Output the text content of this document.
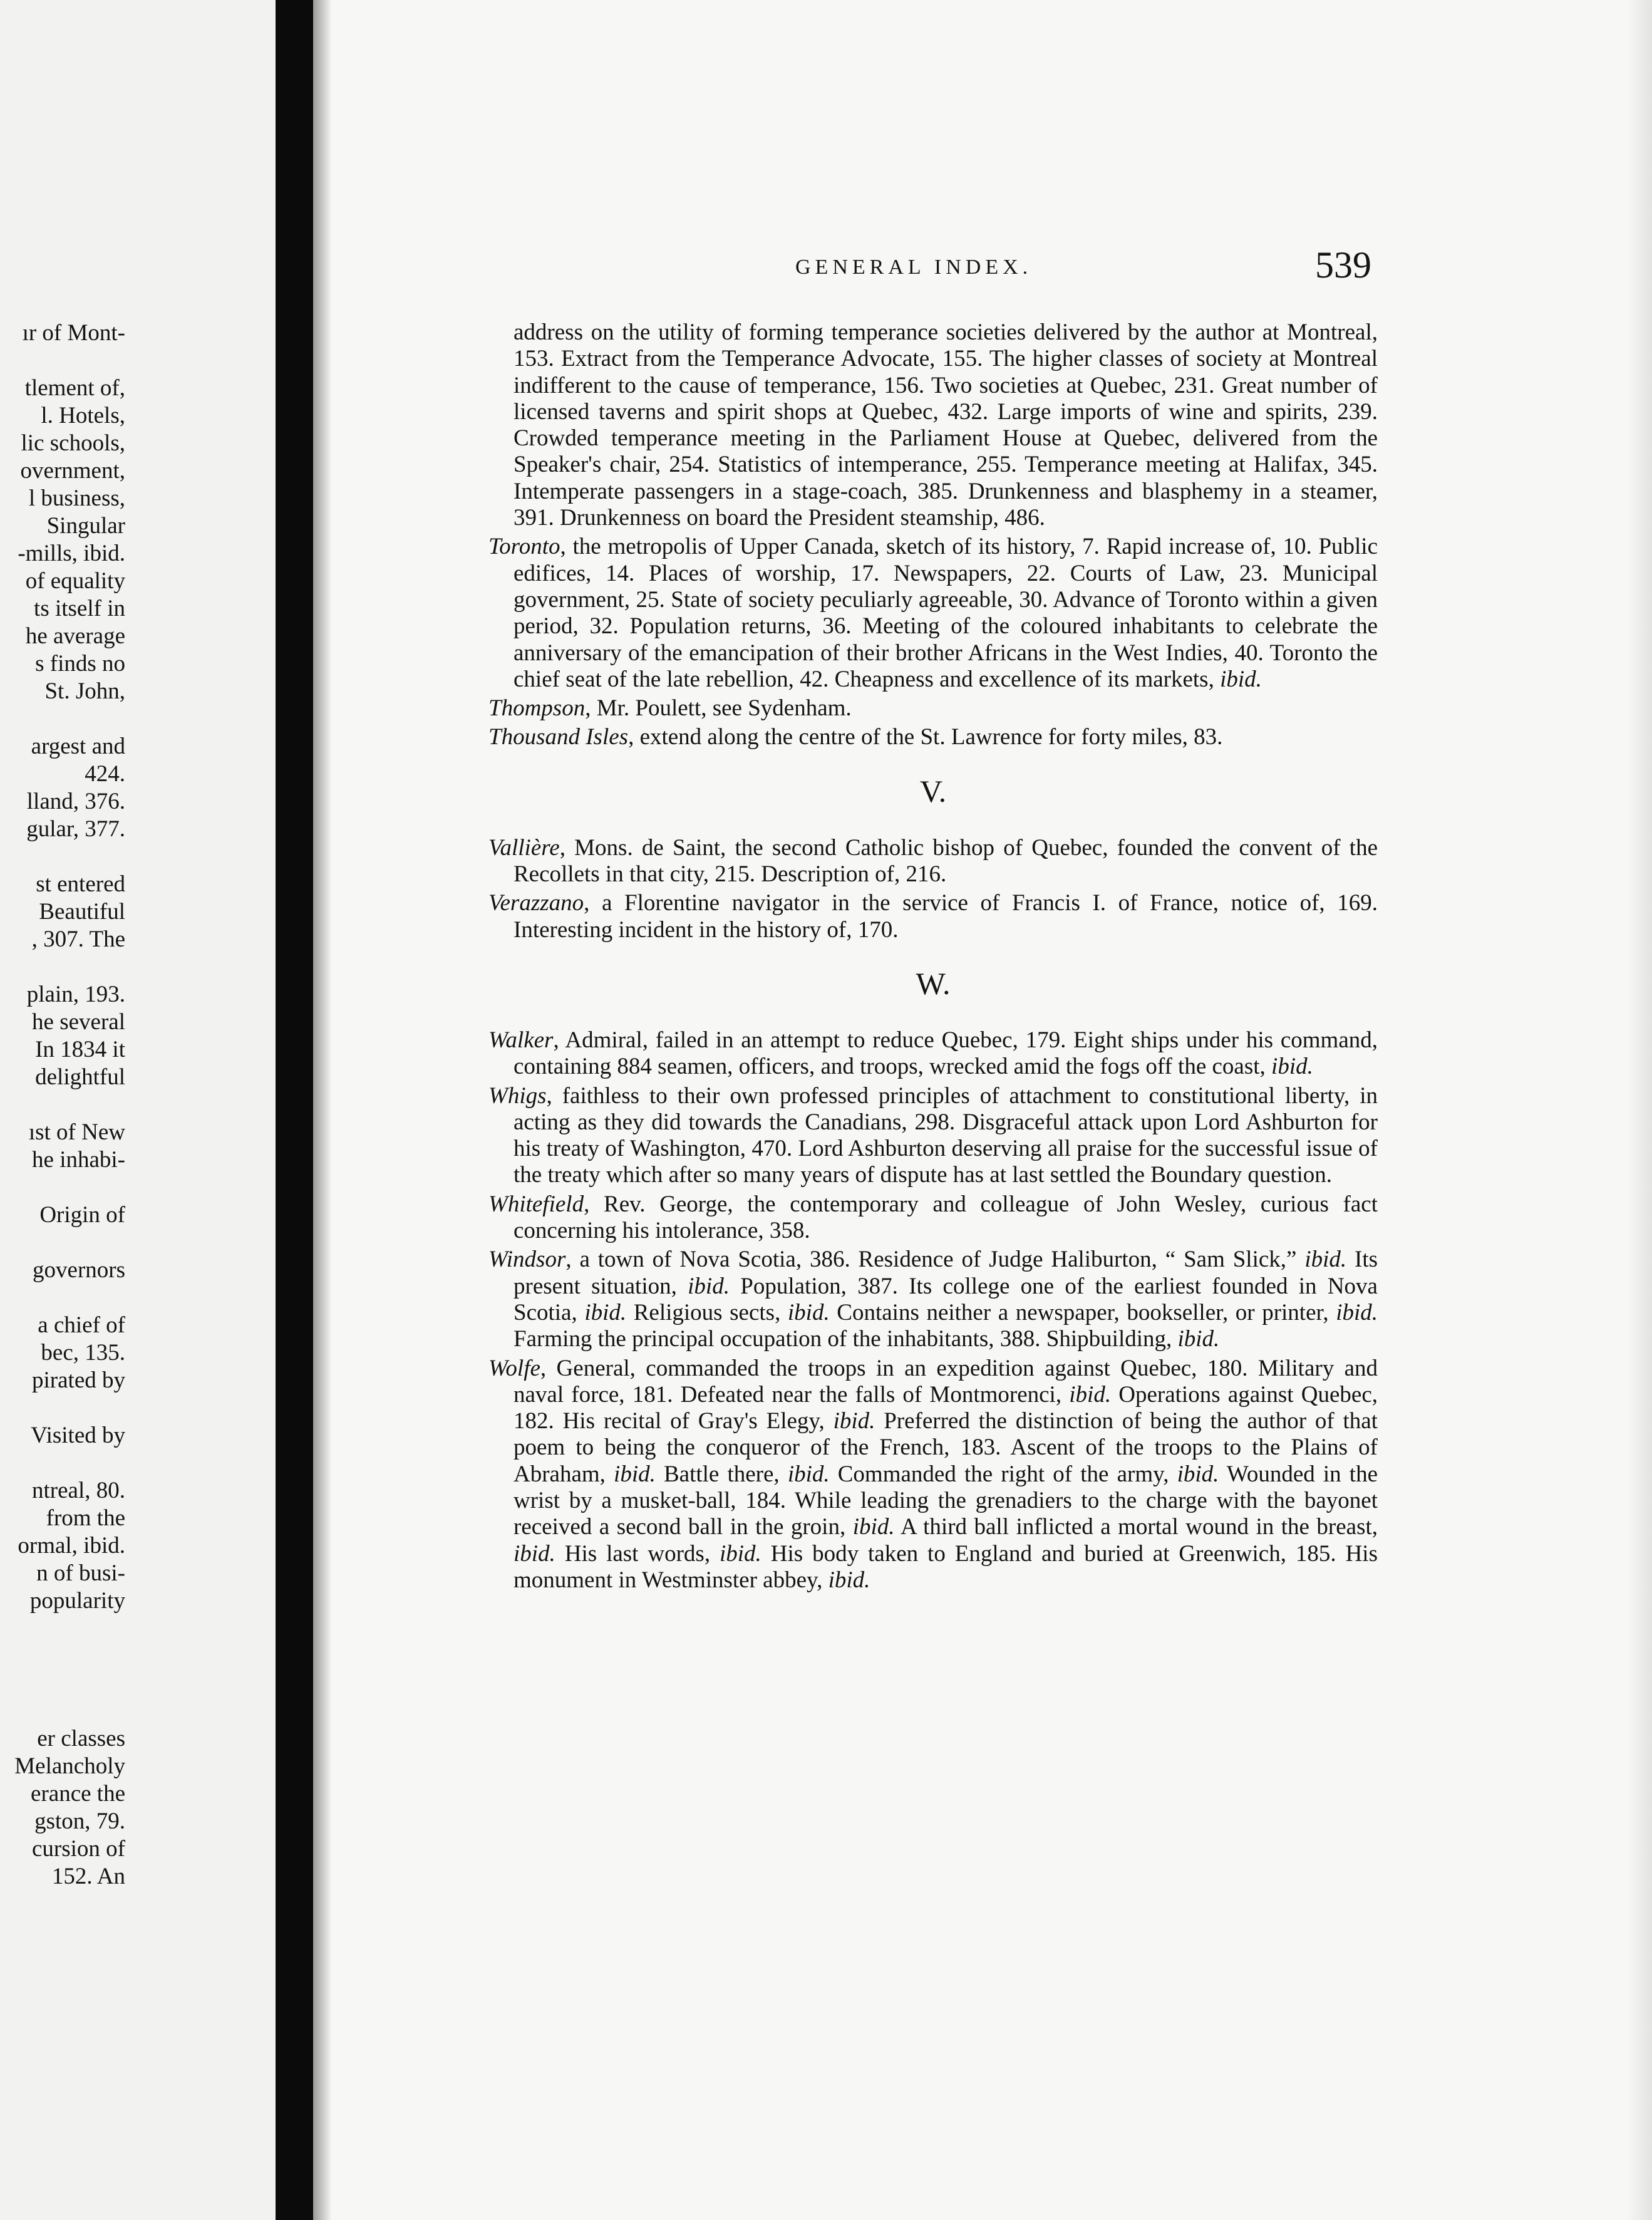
ır of Mont-
tlement of,
l. Hotels,
lic schools,
overnment,
l business,
Singular
-mills, ibid.
of equality
ts itself in
he average
s finds no
St. John,
argest and
424.
lland, 376.
gular, 377.
st entered
Beautiful
, 307. The
plain, 193.
he several
In 1834 it
delightful
ıst of New
he inhabi-
Origin of
governors
a chief of
bec, 135.
pirated by
Visited by
ntreal, 80.
from the
ormal, ibid.
n of busi-
popularity
er classes
Melancholy
erance the
gston, 79.
cursion of
152. An
GENERAL INDEX.	539

address on the utility of forming temperance societies delivered by the author at Montreal, 153. Extract from the Temperance Advocate, 155. The higher classes of society at Montreal indifferent to the cause of temperance, 156. Two societies at Quebec, 231. Great number of licensed taverns and spirit shops at Quebec, 432. Large imports of wine and spirits, 239. Crowded temperance meeting in the Parliament House at Quebec, delivered from the Speaker's chair, 254. Statistics of intemperance, 255. Temperance meeting at Halifax, 345. Intemperate passengers in a stage-coach, 385. Drunkenness and blasphemy in a steamer, 391. Drunkenness on board the President steamship, 486.

Toronto, the metropolis of Upper Canada, sketch of its history, 7. Rapid increase of, 10. Public edifices, 14. Places of worship, 17. Newspapers, 22. Courts of Law, 23. Municipal government, 25. State of society peculiarly agreeable, 30. Advance of Toronto within a given period, 32. Population returns, 36. Meeting of the coloured inhabitants to celebrate the anniversary of the emancipation of their brother Africans in the West Indies, 40. Toronto the chief seat of the late rebellion, 42. Cheapness and excellence of its markets, ibid.

Thompson, Mr. Poulett, see Sydenham.

Thousand Isles, extend along the centre of the St. Lawrence for forty miles, 83.

V.

Vallière, Mons. de Saint, the second Catholic bishop of Quebec, founded the convent of the Recollets in that city, 215. Description of, 216.

Verazzano, a Florentine navigator in the service of Francis I. of France, notice of, 169. Interesting incident in the history of, 170.

W.

Walker, Admiral, failed in an attempt to reduce Quebec, 179. Eight ships under his command, containing 884 seamen, officers, and troops, wrecked amid the fogs off the coast, ibid.

Whigs, faithless to their own professed principles of attachment to constitutional liberty, in acting as they did towards the Canadians, 298. Disgraceful attack upon Lord Ashburton for his treaty of Washington, 470. Lord Ashburton deserving all praise for the successful issue of the treaty which after so many years of dispute has at last settled the Boundary question.

Whitefield, Rev. George, the contemporary and colleague of John Wesley, curious fact concerning his intolerance, 358.

Windsor, a town of Nova Scotia, 386. Residence of Judge Haliburton, “ Sam Slick,” ibid. Its present situation, ibid. Population, 387. Its college one of the earliest founded in Nova Scotia, ibid. Religious sects, ibid. Contains neither a newspaper, bookseller, or printer, ibid. Farming the principal occupation of the inhabitants, 388. Shipbuilding, ibid.

Wolfe, General, commanded the troops in an expedition against Quebec, 180. Military and naval force, 181. Defeated near the falls of Montmorenci, ibid. Operations against Quebec, 182. His recital of Gray's Elegy, ibid. Preferred the distinction of being the author of that poem to being the conqueror of the French, 183. Ascent of the troops to the Plains of Abraham, ibid. Battle there, ibid. Commanded the right of the army, ibid. Wounded in the wrist by a musket-ball, 184. While leading the grenadiers to the charge with the bayonet received a second ball in the groin, ibid. A third ball inflicted a mortal wound in the breast, ibid. His last words, ibid. His body taken to England and buried at Greenwich, 185. His monument in Westminster abbey, ibid.
